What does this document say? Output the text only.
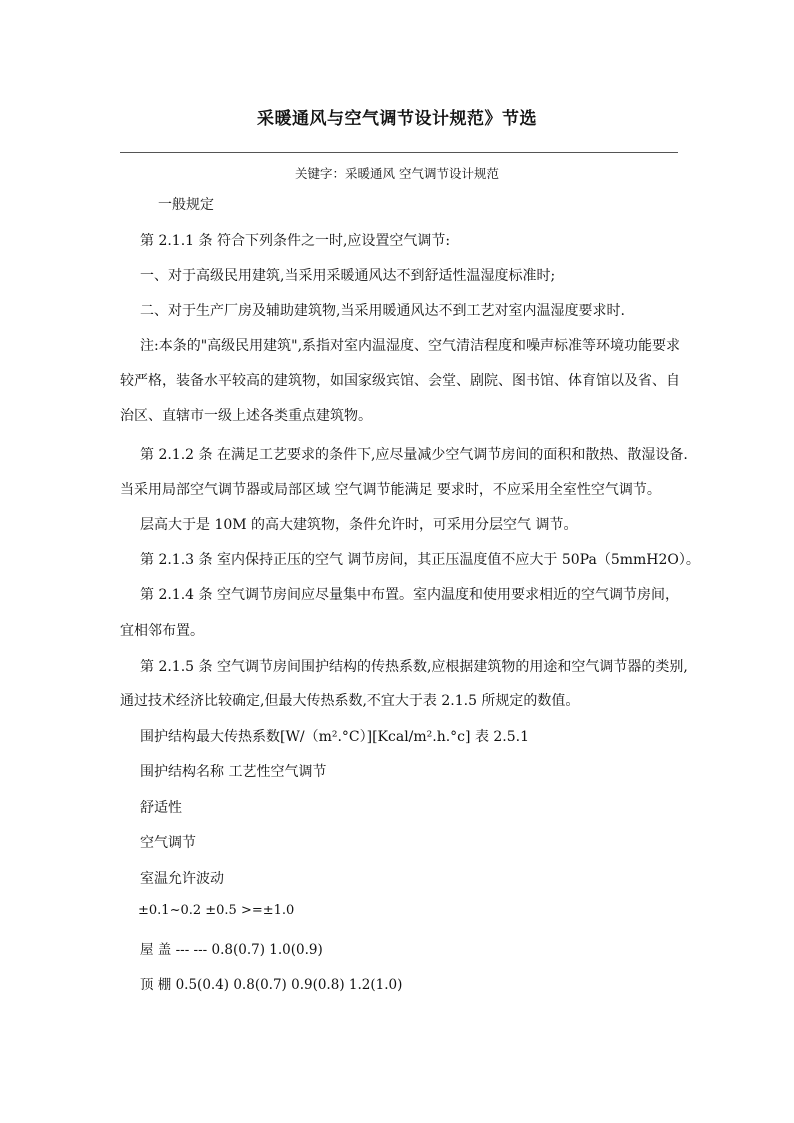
采暖通风与空气调节设计规范》节选
关键字：采暖通风 空气调节设计规范
一般规定
第 2.1.1 条 符合下列条件之一时,应设置空气调节:
一、对于高级民用建筑,当采用采暖通风达不到舒适性温湿度标准时;
二、对于生产厂房及辅助建筑物,当采用暖通风达不到工艺对室内温湿度要求时.
注:本条的"高级民用建筑",系指对室内温湿度、空气清洁程度和噪声标准等环境功能要求
较严格，装备水平较高的建筑物，如国家级宾馆、会堂、剧院、图书馆、体育馆以及省、自
治区、直辖市一级上述各类重点建筑物。
第 2.1.2 条 在满足工艺要求的条件下,应尽量减少空气调节房间的面积和散热、散湿设备.
当采用局部空气调节器或局部区域 空气调节能满足 要求时，不应采用全室性空气调节。
层高大于是 10M 的高大建筑物，条件允许时，可采用分层空气 调节。
第 2.1.3 条 室内保持正压的空气 调节房间，其正压温度值不应大于 50Pa（5mmH2O）。
第 2.1.4 条 空气调节房间应尽量集中布置。室内温度和使用要求相近的空气调节房间，
宜相邻布置。
第 2.1.5 条 空气调节房间围护结构的传热系数,应根据建筑物的用途和空气调节器的类别,
通过技术经济比较确定,但最大传热系数,不宜大于表 2.1.5 所规定的数值。
围护结构最大传热系数[W/（m².°C）][Kcal/m².h.°c] 表 2.5.1
围护结构名称 工艺性空气调节
舒适性
空气调节
室温允许波动
±0.1~0.2 ±0.5 >=±1.0
屋 盖 --- --- 0.8(0.7) 1.0(0.9)
顶 棚 0.5(0.4) 0.8(0.7) 0.9(0.8) 1.2(1.0)
